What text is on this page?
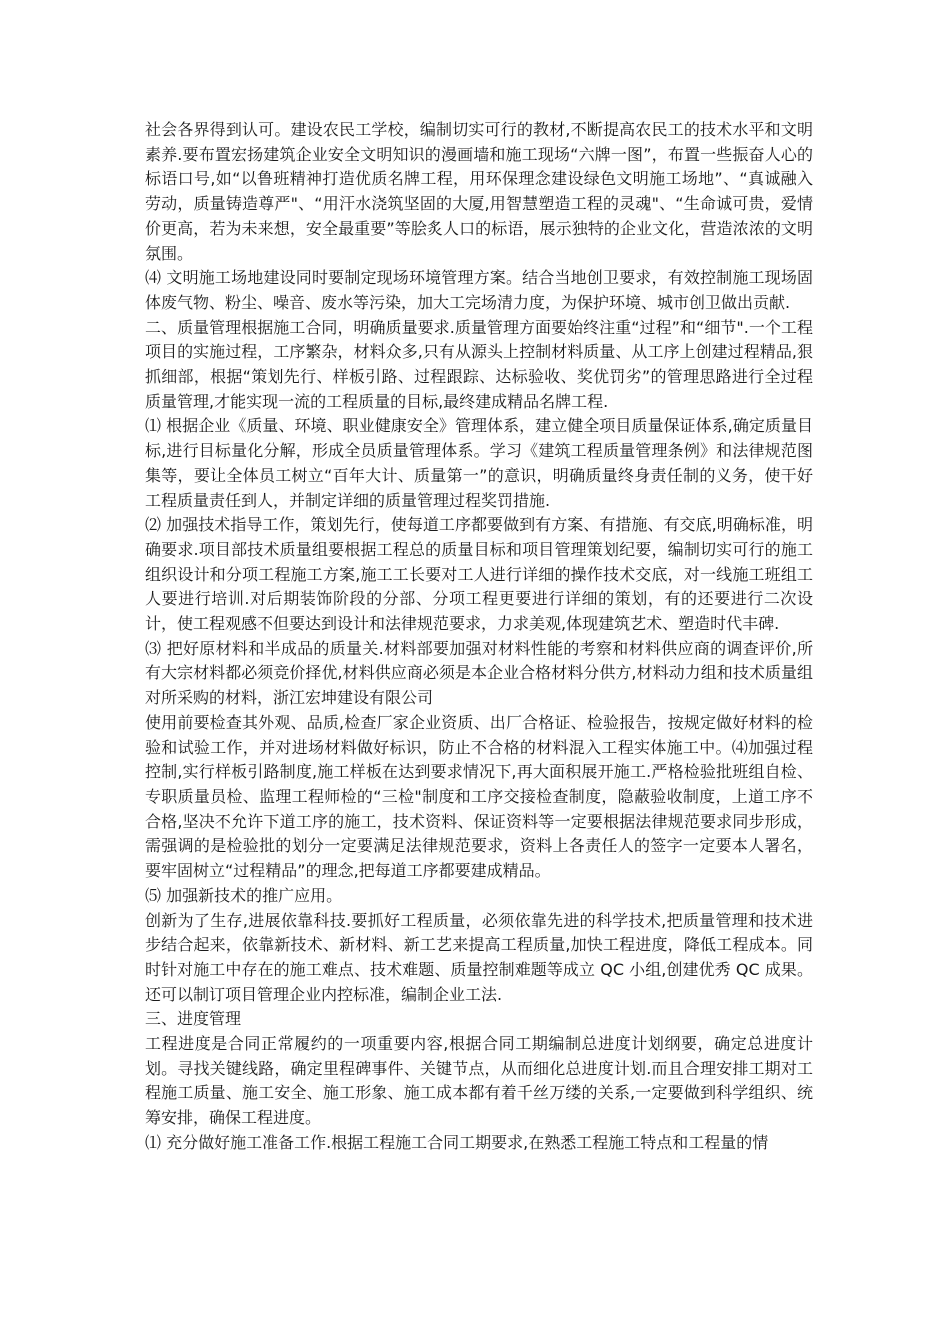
社会各界得到认可。建设农民工学校，编制切实可行的教材,不断提高农民工的技术水平和文明素养.要布置宏扬建筑企业安全文明知识的漫画墙和施工现场“六牌一图”，布置一些振奋人心的标语口号,如“以鲁班精神打造优质名牌工程，用环保理念建设绿色文明施工场地”、“真诚融入劳动，质量铸造尊严"、“用汗水浇筑坚固的大厦,用智慧塑造工程的灵魂"、“生命诚可贵，爱情价更高，若为未来想，安全最重要”等脍炙人口的标语，展示独特的企业文化，营造浓浓的文明氛围。

⑷ 文明施工场地建设同时要制定现场环境管理方案。结合当地创卫要求，有效控制施工现场固体废气物、粉尘、噪音、废水等污染，加大工完场清力度，为保护环境、城市创卫做出贡献.

二、质量管理根据施工合同，明确质量要求.质量管理方面要始终注重“过程”和“细节".一个工程项目的实施过程，工序繁杂，材料众多,只有从源头上控制材料质量、从工序上创建过程精品,狠抓细部，根据“策划先行、样板引路、过程跟踪、达标验收、奖优罚劣”的管理思路进行全过程质量管理,才能实现一流的工程质量的目标,最终建成精品名牌工程.

⑴ 根据企业《质量、环境、职业健康安全》管理体系，建立健全项目质量保证体系,确定质量目标,进行目标量化分解，形成全员质量管理体系。学习《建筑工程质量管理条例》和法律规范图集等，要让全体员工树立“百年大计、质量第一”的意识，明确质量终身责任制的义务，使干好工程质量责任到人，并制定详细的质量管理过程奖罚措施.

⑵ 加强技术指导工作，策划先行，使每道工序都要做到有方案、有措施、有交底,明确标准，明确要求.项目部技术质量组要根据工程总的质量目标和项目管理策划纪要，编制切实可行的施工组织设计和分项工程施工方案,施工工长要对工人进行详细的操作技术交底，对一线施工班组工人要进行培训.对后期装饰阶段的分部、分项工程更要进行详细的策划，有的还要进行二次设计，使工程观感不但要达到设计和法律规范要求，力求美观,体现建筑艺术、塑造时代丰碑.

⑶ 把好原材料和半成品的质量关.材料部要加强对材料性能的考察和材料供应商的调查评价,所有大宗材料都必须竞价择优,材料供应商必须是本企业合格材料分供方,材料动力组和技术质量组对所采购的材料，浙江宏坤建设有限公司

使用前要检查其外观、品质,检查厂家企业资质、出厂合格证、检验报告，按规定做好材料的检验和试验工作，并对进场材料做好标识，防止不合格的材料混入工程实体施工中。⑷加强过程控制,实行样板引路制度,施工样板在达到要求情况下,再大面积展开施工.严格检验批班组自检、专职质量员检、监理工程师检的“三检"制度和工序交接检查制度，隐蔽验收制度，上道工序不合格,坚决不允许下道工序的施工，技术资料、保证资料等一定要根据法律规范要求同步形成，需强调的是检验批的划分一定要满足法律规范要求，资料上各责任人的签字一定要本人署名，要牢固树立“过程精品”的理念,把每道工序都要建成精品。

⑸ 加强新技术的推广应用。

创新为了生存,进展依靠科技.要抓好工程质量，必须依靠先进的科学技术,把质量管理和技术进步结合起来，依靠新技术、新材料、新工艺来提高工程质量,加快工程进度，降低工程成本。同时针对施工中存在的施工难点、技术难题、质量控制难题等成立 QC 小组,创建优秀 QC 成果。还可以制订项目管理企业内控标准，编制企业工法.

三、进度管理

工程进度是合同正常履约的一项重要内容,根据合同工期编制总进度计划纲要，确定总进度计划。寻找关键线路，确定里程碑事件、关键节点，从而细化总进度计划.而且合理安排工期对工程施工质量、施工安全、施工形象、施工成本都有着千丝万缕的关系,一定要做到科学组织、统筹安排，确保工程进度。

⑴ 充分做好施工准备工作.根据工程施工合同工期要求,在熟悉工程施工特点和工程量的情
